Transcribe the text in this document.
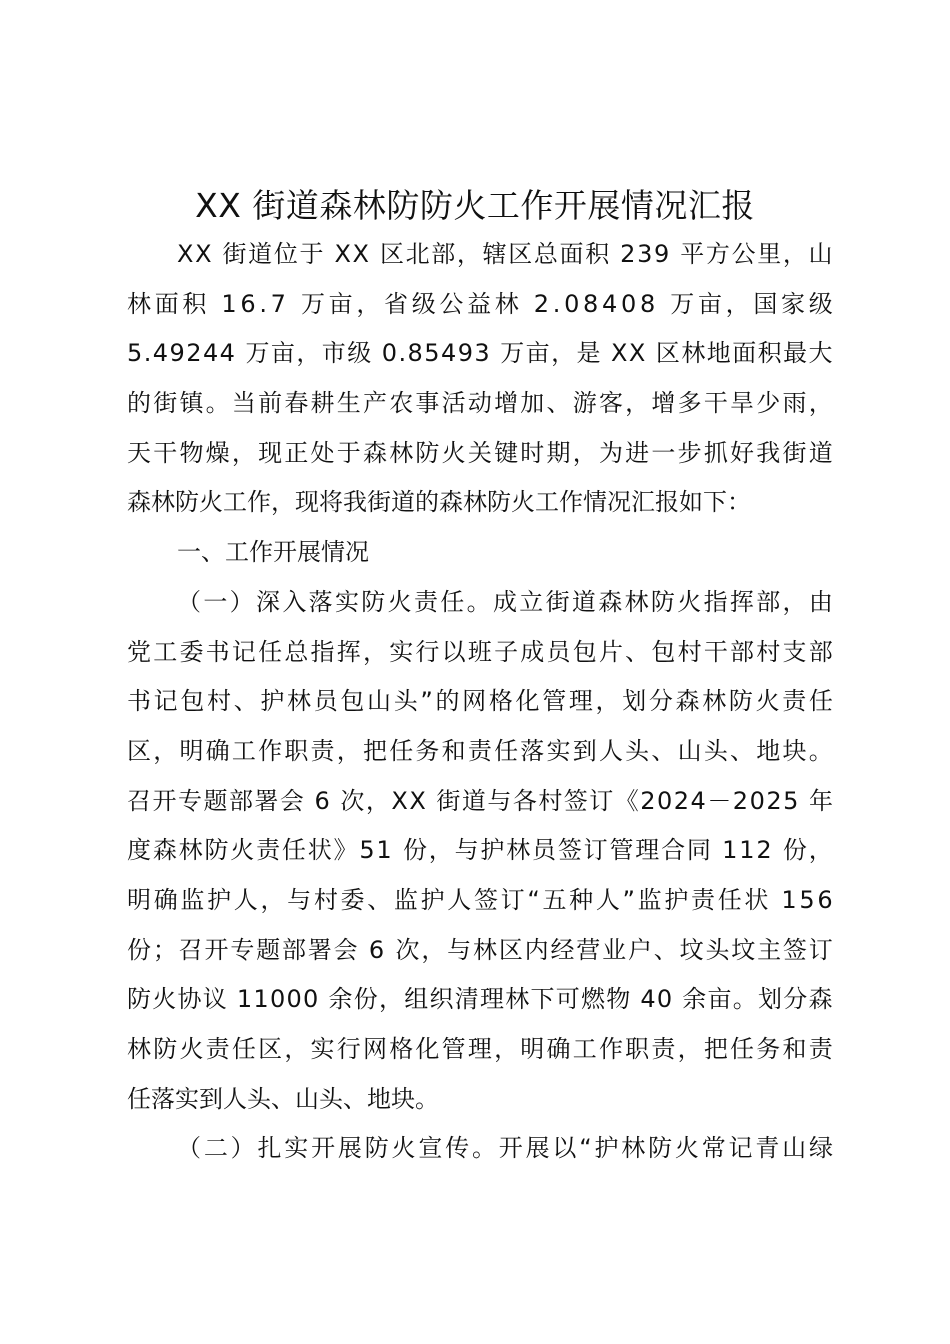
XX 街道森林防防火工作开展情况汇报
X X
街 道 位 于
X X
区 北 部 ， 辖 区 总 面 积
2 3 9
平 方 公 里 ， 山
林 面 积
1 6 . 7
万 亩 ， 省 级 公 益 林
2 . 0 8 4 0 8
万 亩 ， 国 家 级
5 . 4 9 2 4 4
万 亩 ， 市 级
0 . 8 5 4 9 3
万 亩 ， 是
X X
区 林 地 面 积 最 大
的 街 镇 。 当 前 春 耕 生 产 农 事 活 动 增 加 、 游 客 ， 增 多 干 旱 少 雨 ，
天 干 物 燥 ， 现 正 处 于 森 林 防 火 关 键 时 期 ， 为 进 一 步 抓 好 我 街 道
森林防火工作，现将我街道的森林防火工作情况汇报如下：
一、工作开展情况
（ 一 ） 深 入 落 实 防 火 责 任 。 成 立 街 道 森 林 防 火 指 挥 部 ， 由
党 工 委 书 记 任 总 指 挥 ， 实 行 以 班 子 成 员 包 片 、 包 村 干 部 村 支 部
书 记 包 村 、 护 林 员 包 山 头 ” 的 网 格 化 管 理 ， 划 分 森 林 防 火 责 任
区 ， 明 确 工 作 职 责 ， 把 任 务 和 责 任 落 实 到 人 头 、 山 头 、 地 块 。
召 开 专 题 部 署 会
6
次 ， X X
街 道 与 各 村 签 订 《 2 0 2 4 － 2 0 2 5
年
度 森 林 防 火 责 任 状 》 5 1
份 ， 与 护 林 员 签 订 管 理 合 同
1 1 2
份 ，
明 确 监 护 人 ， 与 村 委 、 监 护 人 签 订 “ 五 种 人 ” 监 护 责 任 状
1 5 6
份 ； 召 开 专 题 部 署 会
6
次 ， 与 林 区 内 经 营 业 户 、 坟 头 坟 主 签 订
防 火 协 议
1 1 0 0 0
余 份 ， 组 织 清 理 林 下 可 燃 物
4 0
余 亩 。 划 分 森
林 防 火 责 任 区 ， 实 行 网 格 化 管 理 ， 明 确 工 作 职 责 ， 把 任 务 和 责
任落实到人头、山头、地块。
（ 二 ） 扎 实 开 展 防 火 宣 传 。 开 展 以 “ 护 林 防 火 常 记 青 山 绿
